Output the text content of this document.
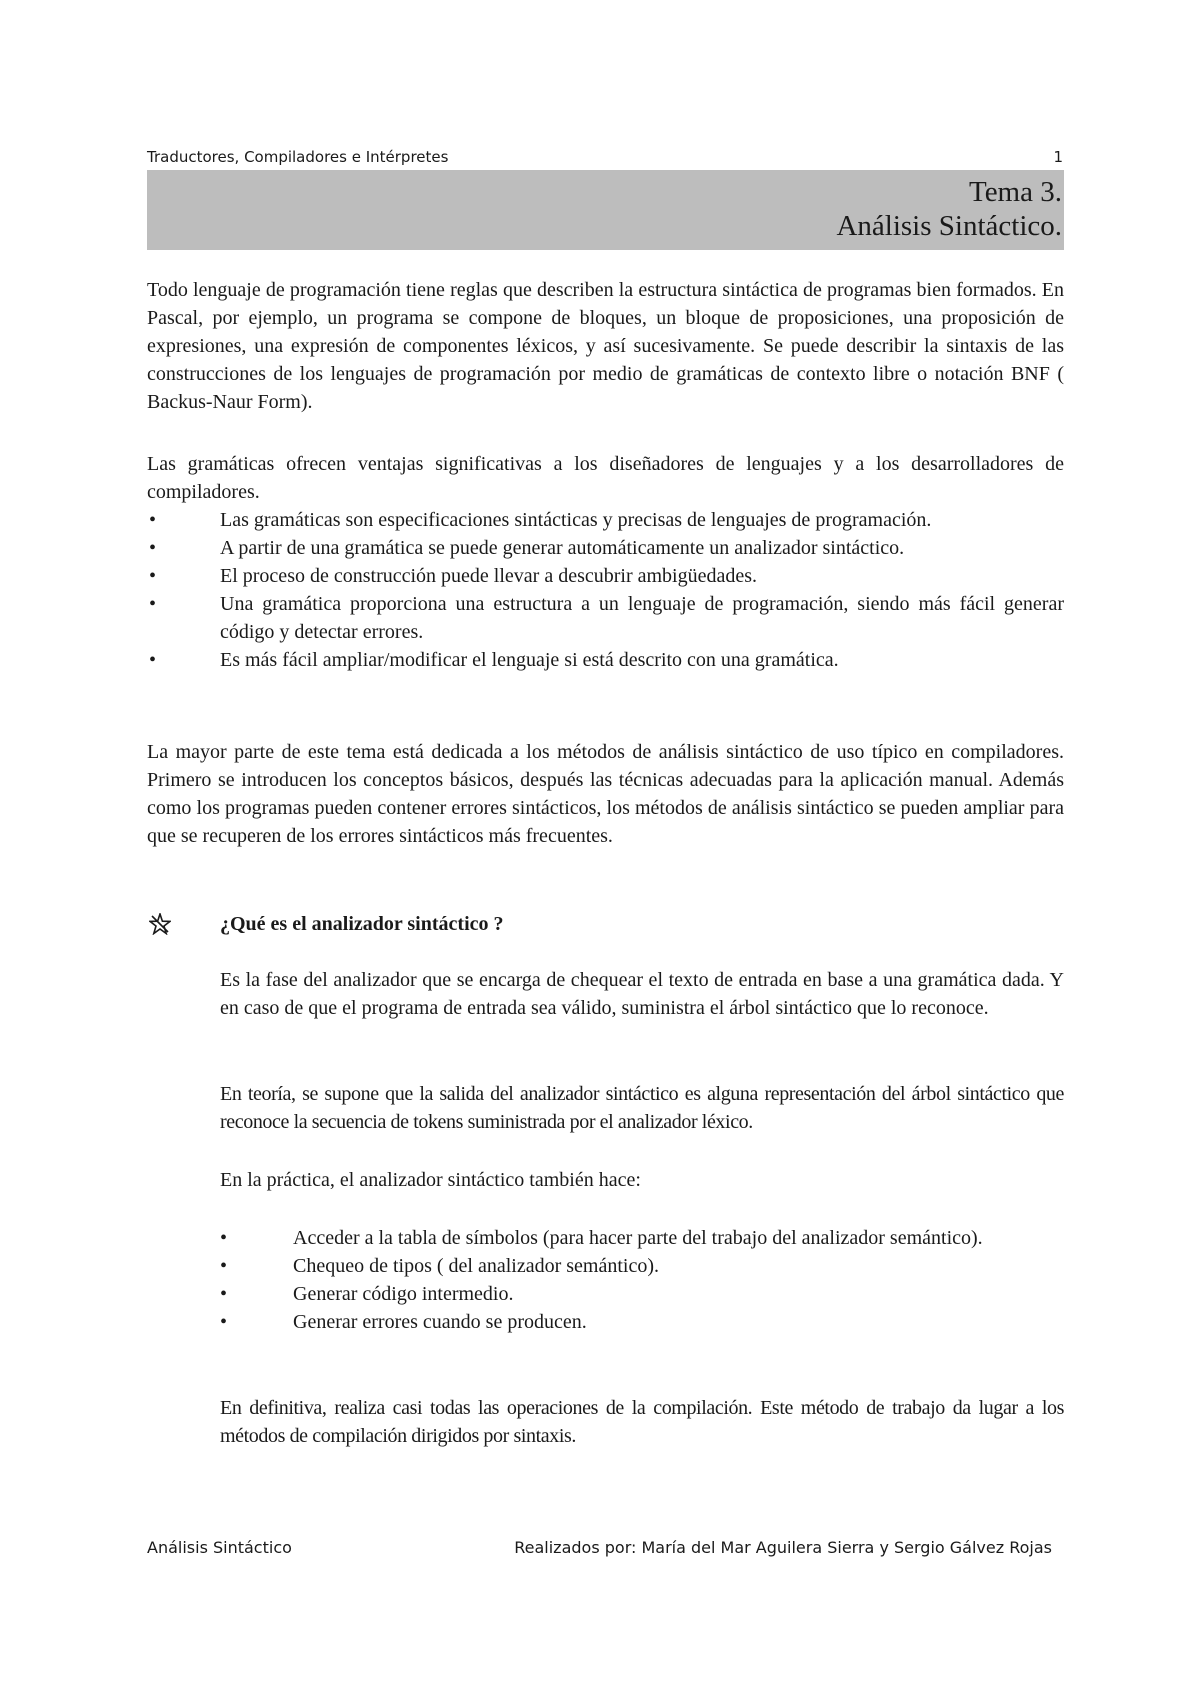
Traductores, Compiladores e Intérpretes	1
Tema 3.
Análisis Sintáctico.

Todo lenguaje de programación tiene reglas que describen la estructura sintáctica de programas bien formados. En Pascal, por ejemplo, un programa se compone de bloques, un bloque de proposiciones, una proposición de expresiones, una expresión de componentes léxicos, y así sucesivamente. Se puede describir la sintaxis de las construcciones de los lenguajes de programación por medio de gramáticas de contexto libre o notación BNF ( Backus-Naur Form).

Las gramáticas ofrecen ventajas significativas a los diseñadores de lenguajes y a los desarrolladores de compiladores.

•	Las gramáticas son especificaciones sintácticas y precisas de lenguajes de programación.
•	A partir de una gramática se puede generar automáticamente un analizador sintáctico.
•	El proceso de construcción puede llevar a descubrir ambigüedades.
•	Una gramática proporciona una estructura a un lenguaje de programación, siendo más fácil generar código y detectar errores.
•	Es más fácil ampliar/modificar el lenguaje si está descrito con una gramática.

La mayor parte de este tema está dedicada a los métodos de análisis sintáctico de uso típico en compiladores. Primero se introducen los conceptos básicos, después las técnicas adecuadas para la aplicación manual. Además como los programas pueden contener errores sintácticos, los métodos de análisis sintáctico se pueden ampliar para que se recuperen de los errores sintácticos más frecuentes.

¿Qué es el analizador sintáctico ?

Es la fase del analizador que se encarga de chequear el texto de entrada en base a una gramática dada. Y en caso de que el programa de entrada sea válido, suministra el árbol sintáctico que lo reconoce.

En teoría, se supone que la salida del analizador sintáctico es alguna representación del árbol sintáctico que reconoce la secuencia de tokens suministrada por el analizador léxico.

En la práctica, el analizador sintáctico también hace:

•	Acceder a la tabla de símbolos (para hacer parte del trabajo del analizador semántico).
•	Chequeo de tipos ( del analizador semántico).
•	Generar código intermedio.
•	Generar errores cuando se producen.

En definitiva, realiza casi todas las operaciones de la compilación. Este método de trabajo da lugar a los métodos de compilación dirigidos por sintaxis.

Análisis Sintáctico	Realizados por: María del Mar Aguilera Sierra y Sergio Gálvez Rojas
